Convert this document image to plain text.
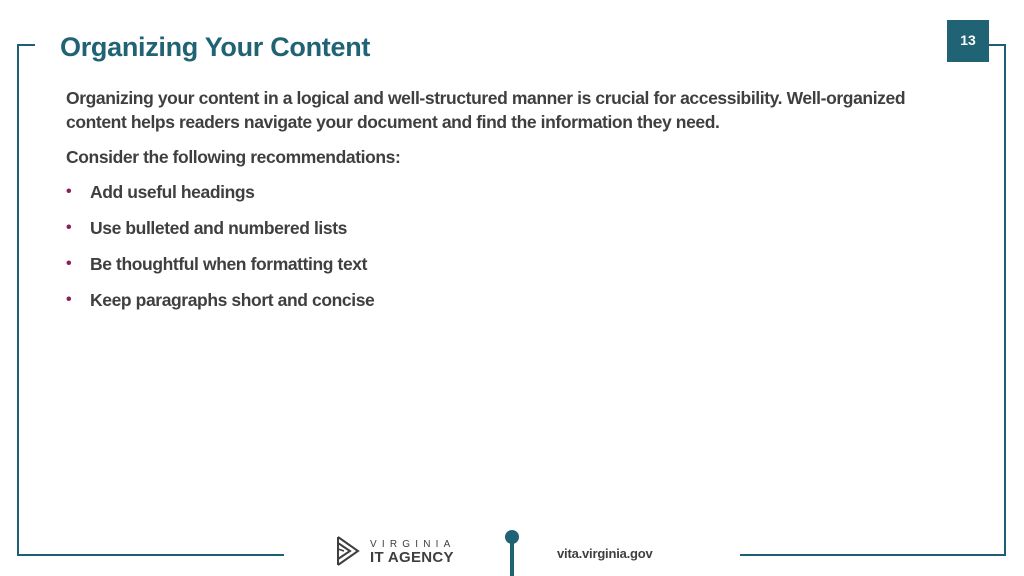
13
Organizing Your Content

Organizing your content in a logical and well-structured manner is crucial for accessibility. Well-organized content helps readers navigate your document and find the information they need.

Consider the following recommendations:

• Add useful headings
• Use bulleted and numbered lists
• Be thoughtful when formatting text
• Keep paragraphs short and concise
VIRGINIA
IT AGENCY	vita.virginia.gov
